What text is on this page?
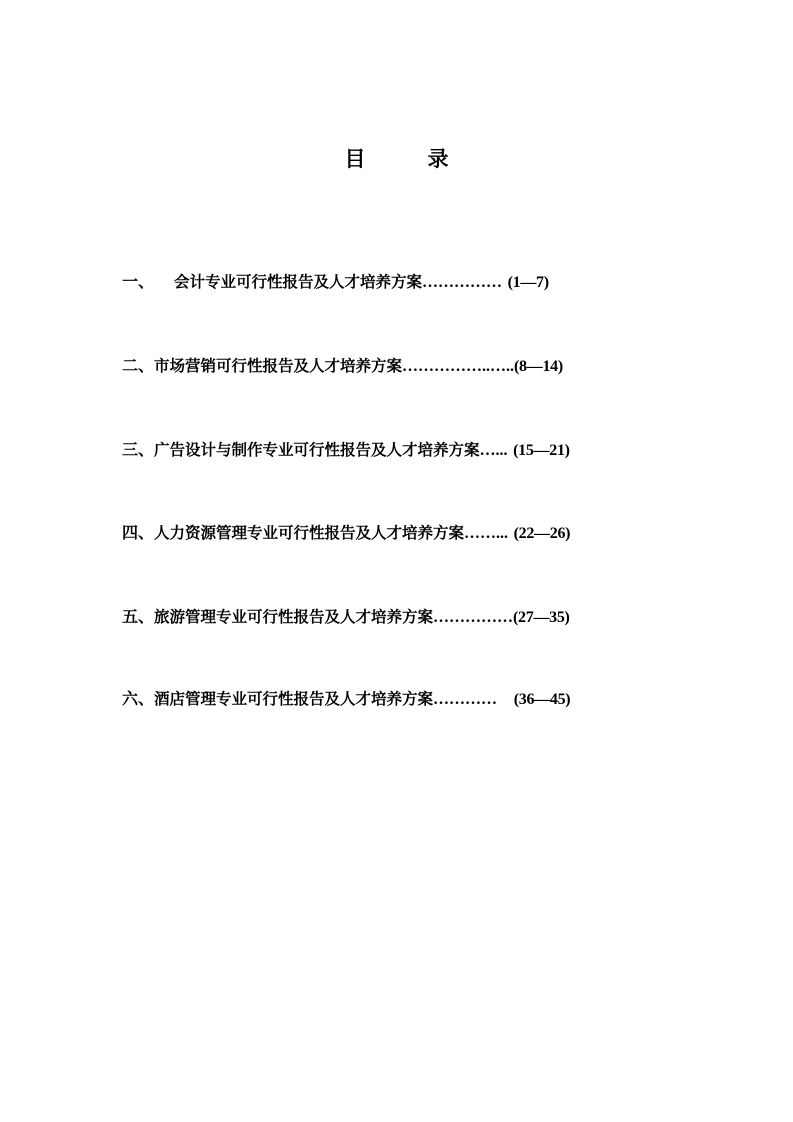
目	录
一、 会计专业可行性报告及人才培养方案…………… (1—7)
二、市场营销可行性报告及人才培养方案……………..…..(8—14)
三、广告设计与制作专业可行性报告及人才培养方案…... (15—21)
四、人力资源管理专业可行性报告及人才培养方案……... (22—26)
五、旅游管理专业可行性报告及人才培养方案……………(27—35)
六、酒店管理专业可行性报告及人才培养方案………… (36—45)
